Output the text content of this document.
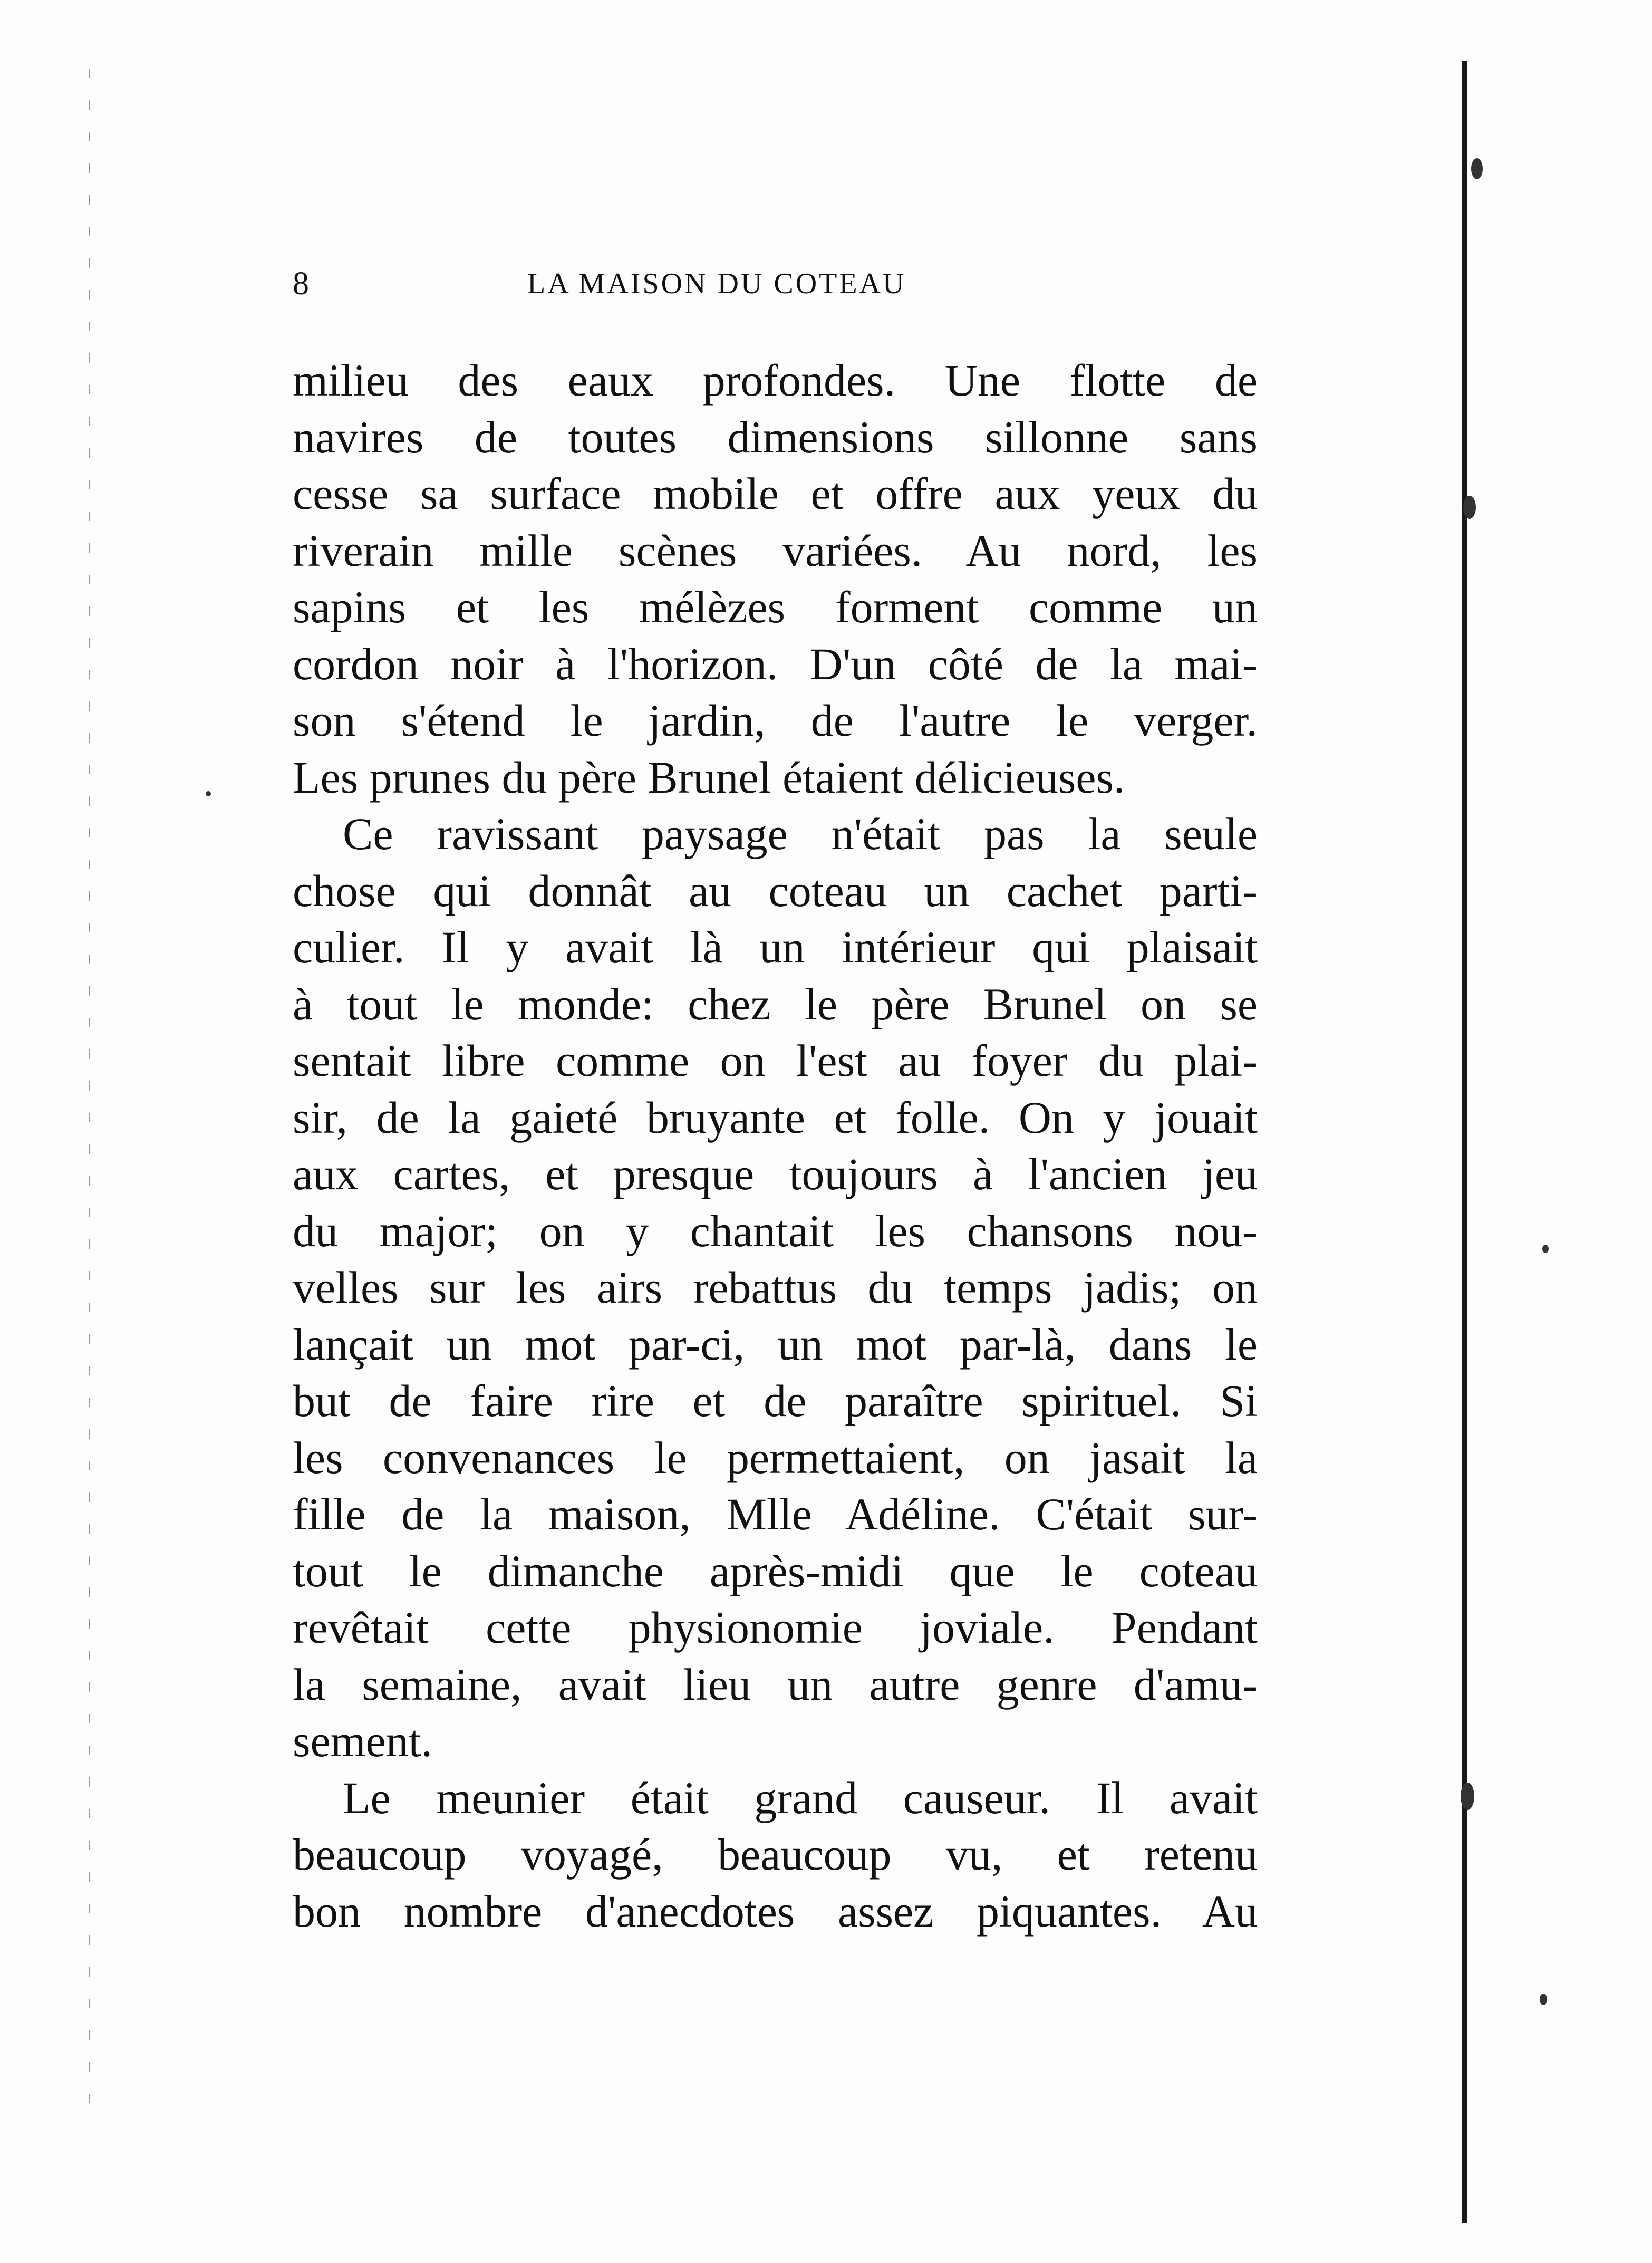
8	LA MAISON DU COTEAU
milieu des eaux profondes. Une flotte de
navires de toutes dimensions sillonne sans
cesse sa surface mobile et offre aux yeux du
riverain mille scènes variées. Au nord, les
sapins et les mélèzes forment comme un
cordon noir à l'horizon. D'un côté de la mai-
son s'étend le jardin, de l'autre le verger.
Les prunes du père Brunel étaient délicieuses.
Ce ravissant paysage n'était pas la seule
chose qui donnât au coteau un cachet parti-
culier. Il y avait là un intérieur qui plaisait
à tout le monde: chez le père Brunel on se
sentait libre comme on l'est au foyer du plai-
sir, de la gaieté bruyante et folle. On y jouait
aux cartes, et presque toujours à l'ancien jeu
du major; on y chantait les chansons nou-
velles sur les airs rebattus du temps jadis; on
lançait un mot par-ci, un mot par-là, dans le
but de faire rire et de paraître spirituel. Si
les convenances le permettaient, on jasait la
fille de la maison, Mlle Adéline. C'était sur-
tout le dimanche après-midi que le coteau
revêtait cette physionomie joviale. Pendant
la semaine, avait lieu un autre genre d'amu-
sement.
Le meunier était grand causeur. Il avait
beaucoup voyagé, beaucoup vu, et retenu
bon nombre d'anecdotes assez piquantes. Au
